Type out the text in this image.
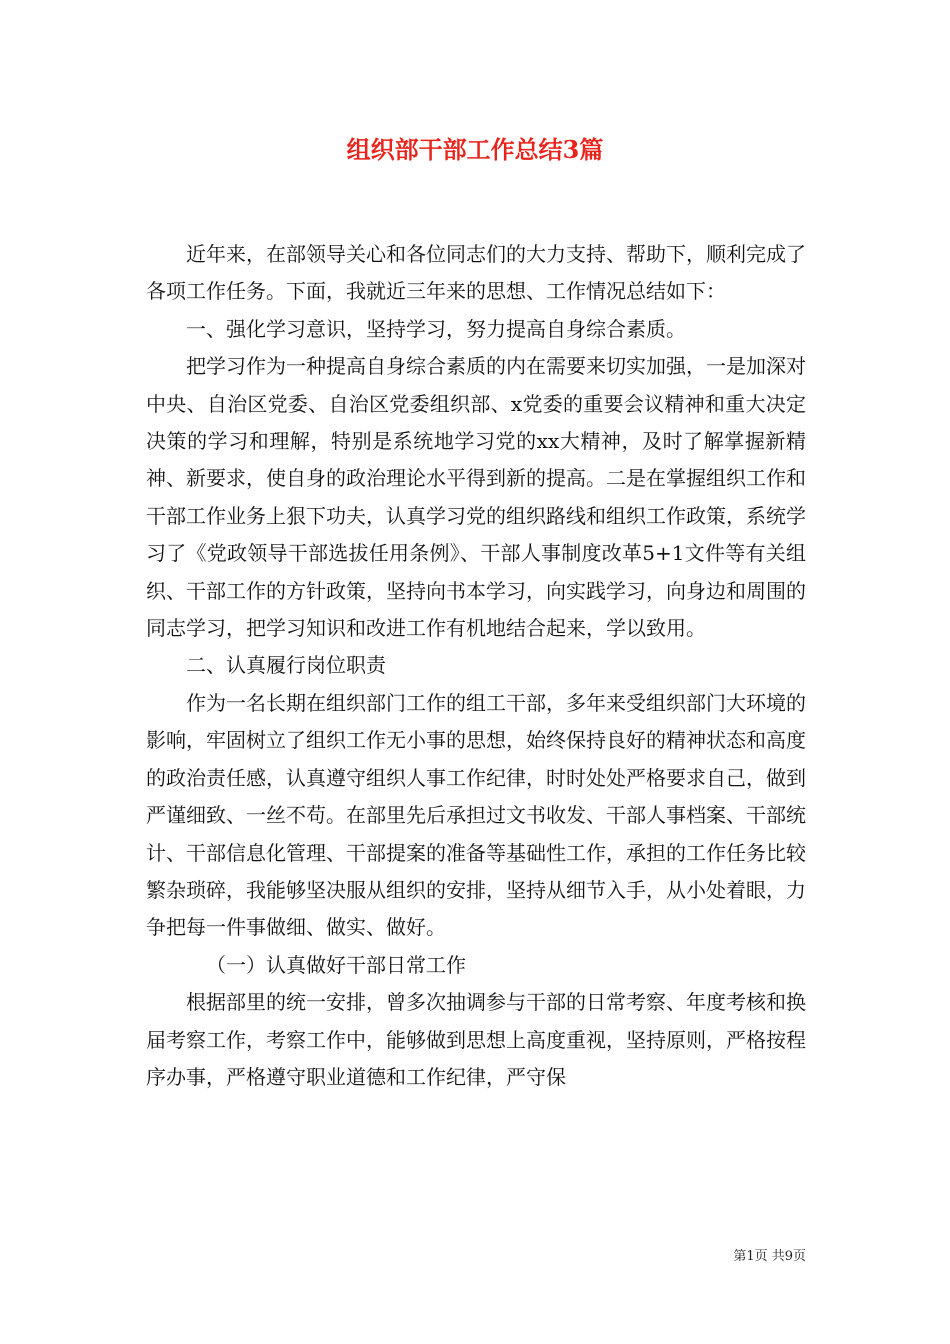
组织部干部工作总结3篇

近年来，在部领导关心和各位同志们的大力支持、帮助下，顺利完成了各项工作任务。下面，我就近三年来的思想、工作情况总结如下：

一、强化学习意识，坚持学习，努力提高自身综合素质。

把学习作为一种提高自身综合素质的内在需要来切实加强，一是加深对中央、自治区党委、自治区党委组织部、x党委的重要会议精神和重大决定决策的学习和理解，特别是系统地学习党的xx大精神，及时了解掌握新精神、新要求，使自身的政治理论水平得到新的提高。二是在掌握组织工作和干部工作业务上狠下功夫，认真学习党的组织路线和组织工作政策，系统学习了《党政领导干部选拔任用条例》、干部人事制度改革5+1文件等有关组织、干部工作的方针政策，坚持向书本学习，向实践学习，向身边和周围的同志学习，把学习知识和改进工作有机地结合起来，学以致用。

二、认真履行岗位职责

作为一名长期在组织部门工作的组工干部，多年来受组织部门大环境的影响，牢固树立了组织工作无小事的思想，始终保持良好的精神状态和高度的政治责任感，认真遵守组织人事工作纪律，时时处处严格要求自己，做到严谨细致、一丝不苟。在部里先后承担过文书收发、干部人事档案、干部统计、干部信息化管理、干部提案的准备等基础性工作，承担的工作任务比较繁杂琐碎，我能够坚决服从组织的安排，坚持从细节入手，从小处着眼，力争把每一件事做细、做实、做好。

（一）认真做好干部日常工作

根据部里的统一安排，曾多次抽调参与干部的日常考察、年度考核和换届考察工作，考察工作中，能够做到思想上高度重视，坚持原则，严格按程序办事，严格遵守职业道德和工作纪律，严守保

第1页 共9页
